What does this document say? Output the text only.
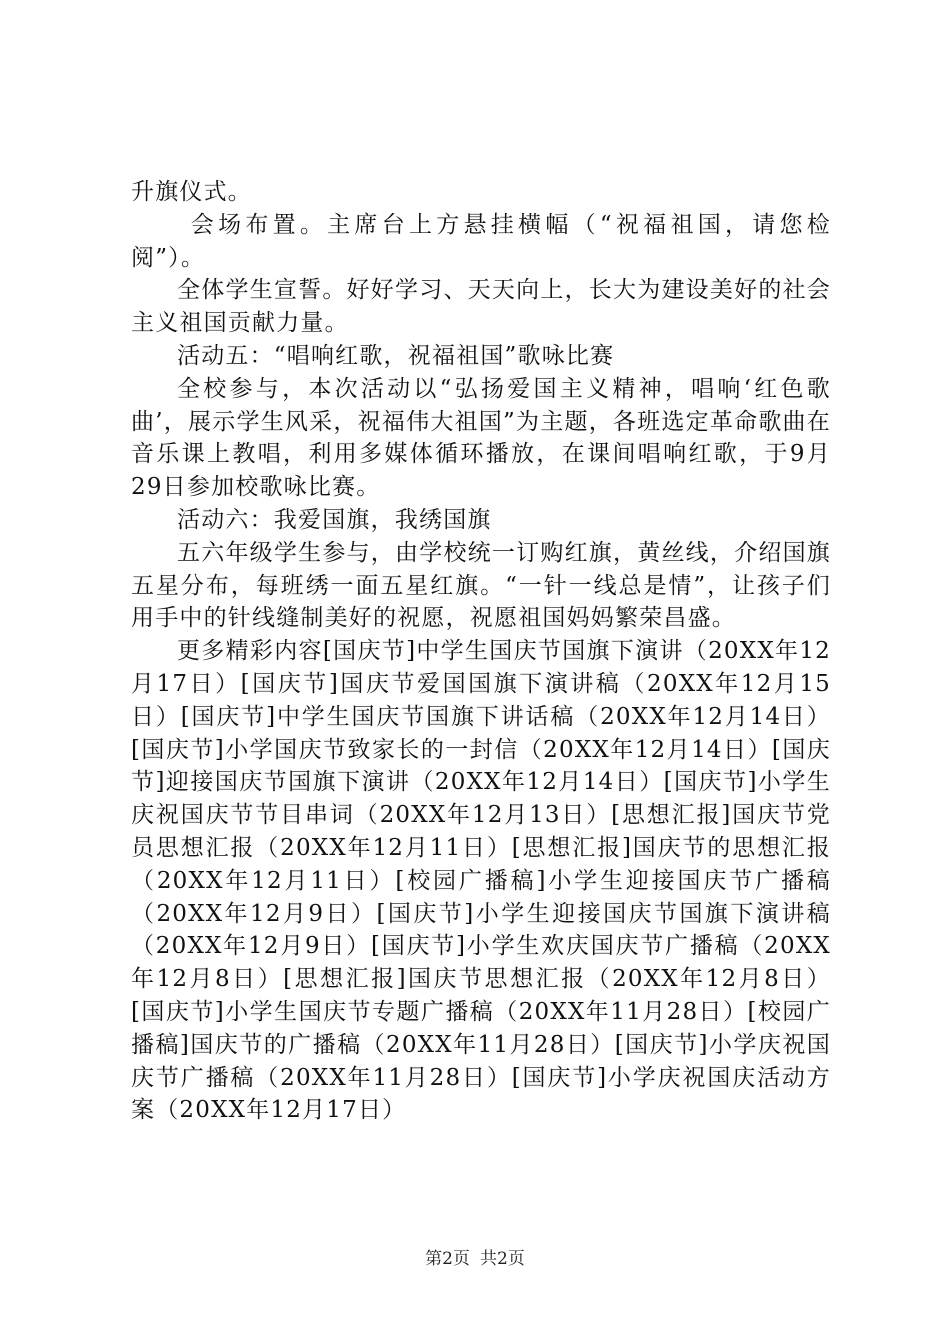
升旗仪式。

会场布置。主席台上方悬挂横幅（“祝福祖国，请您检阅”）。

全体学生宣誓。好好学习、天天向上，长大为建设美好的社会主义祖国贡献力量。

活动五：“唱响红歌，祝福祖国”歌咏比赛

全校参与，本次活动以“弘扬爱国主义精神，唱响‘红色歌曲’，展示学生风采，祝福伟大祖国”为主题，各班选定革命歌曲在音乐课上教唱，利用多媒体循环播放，在课间唱响红歌，于9月29日参加校歌咏比赛。

活动六：我爱国旗，我绣国旗

五六年级学生参与，由学校统一订购红旗，黄丝线，介绍国旗五星分布，每班绣一面五星红旗。“一针一线总是情”，让孩子们用手中的针线缝制美好的祝愿，祝愿祖国妈妈繁荣昌盛。

更多精彩内容[国庆节]中学生国庆节国旗下演讲（20XX年12月17日）[国庆节]国庆节爱国国旗下演讲稿（20XX年12月15日）[国庆节]中学生国庆节国旗下讲话稿（20XX年12月14日）[国庆节]小学国庆节致家长的一封信（20XX年12月14日）[国庆节]迎接国庆节国旗下演讲（20XX年12月14日）[国庆节]小学生庆祝国庆节节目串词（20XX年12月13日）[思想汇报]国庆节党员思想汇报（20XX年12月11日）[思想汇报]国庆节的思想汇报（20XX年12月11日）[校园广播稿]小学生迎接国庆节广播稿（20XX年12月9日）[国庆节]小学生迎接国庆节国旗下演讲稿（20XX年12月9日）[国庆节]小学生欢庆国庆节广播稿（20XX年12月8日）[思想汇报]国庆节思想汇报（20XX年12月8日）[国庆节]小学生国庆节专题广播稿（20XX年11月28日）[校园广播稿]国庆节的广播稿（20XX年11月28日）[国庆节]小学庆祝国庆节广播稿（20XX年11月28日）[国庆节]小学庆祝国庆活动方案（20XX年12月17日）

第2页 共2页
